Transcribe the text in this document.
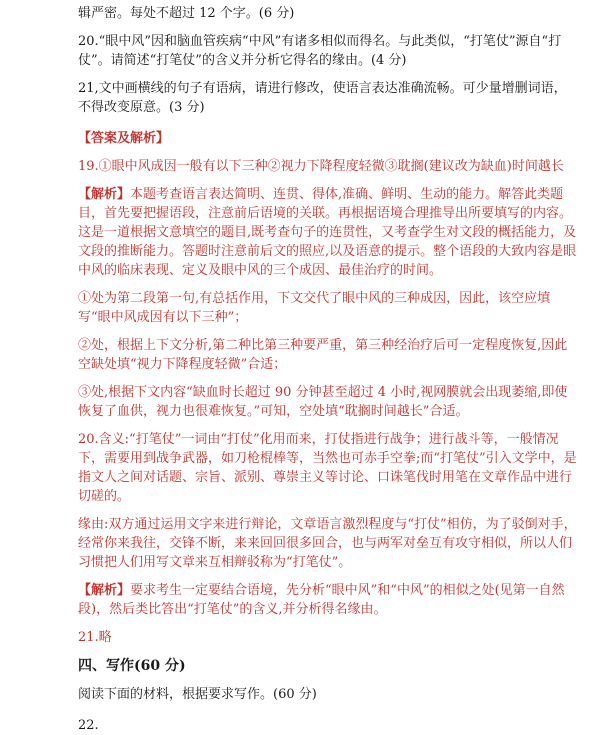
辑严密。每处不超过 12 个字。(6 分)

20.“眼中风”因和脑血管疾病“中风”有诸多相似而得名。与此类似，“打笔仗”源自“打仗”。请简述“打笔仗”的含义并分析它得名的缘由。(4 分)

21,文中画横线的句子有语病，请进行修改，使语言表达准确流畅。可少量增删词语，不得改变原意。(3 分)

【答案及解析】

19.①眼中风成因一般有以下三种②视力下降程度轻微③耽搁(建议改为缺血)时间越长

【解析】本题考查语言表达简明、连贯、得体,准确、鲜明、生动的能力。解答此类题目，首先要把握语段，注意前后语境的关联。再根据语境合理推导出所要填写的内容。这是一道根据文意填空的题目,既考查句子的连贯性，又考查学生对文段的概括能力，及文段的推断能力。答题时注意前后文的照应,以及语意的提示。整个语段的大致内容是眼中风的临床表现、定义及眼中风的三个成因、最佳治疗的时间。

①处为第二段第一句,有总括作用，下文交代了眼中风的三种成因，因此，该空应填写“眼中风成因有以下三种”；

②处，根据上下文分析,第二种比第三种要严重，第三种经治疗后可一定程度恢复,因此空缺处填“视力下降程度轻微”合适；

③处,根据下文内容“缺血时长超过 90 分钟甚至超过 4 小时,视网膜就会出现萎缩,即使恢复了血供，视力也很难恢复。”可知，空处填“耽搁时间越长”合适。

20.含义:“打笔仗”一词由“打仗”化用而来，打仗指进行战争；进行战斗等，一般情况下，需要用到战争武器，如刀枪棍棒等，当然也可赤手空拳;而“打笔仗”引入文学中，是指文人之间对话题、宗旨、派别、尊崇主义等讨论、口诛笔伐时用笔在文章作品中进行切磋的。

缘由:双方通过运用文字来进行辩论，文章语言激烈程度与“打仗”相仿，为了驳倒对手，经常你来我往，交锋不断，来来回回很多回合，也与两军对垒互有攻守相似，所以人们习惯把人们用写文章来互相辩驳称为“打笔仗”。

【解析】要求考生一定要结合语境，先分析“眼中风”和“中风”的相似之处(见第一自然段)，然后类比答出“打笔仗”的含义,并分析得名缘由。

21.略

四、写作(60 分)

阅读下面的材料，根据要求写作。(60 分)

22.
